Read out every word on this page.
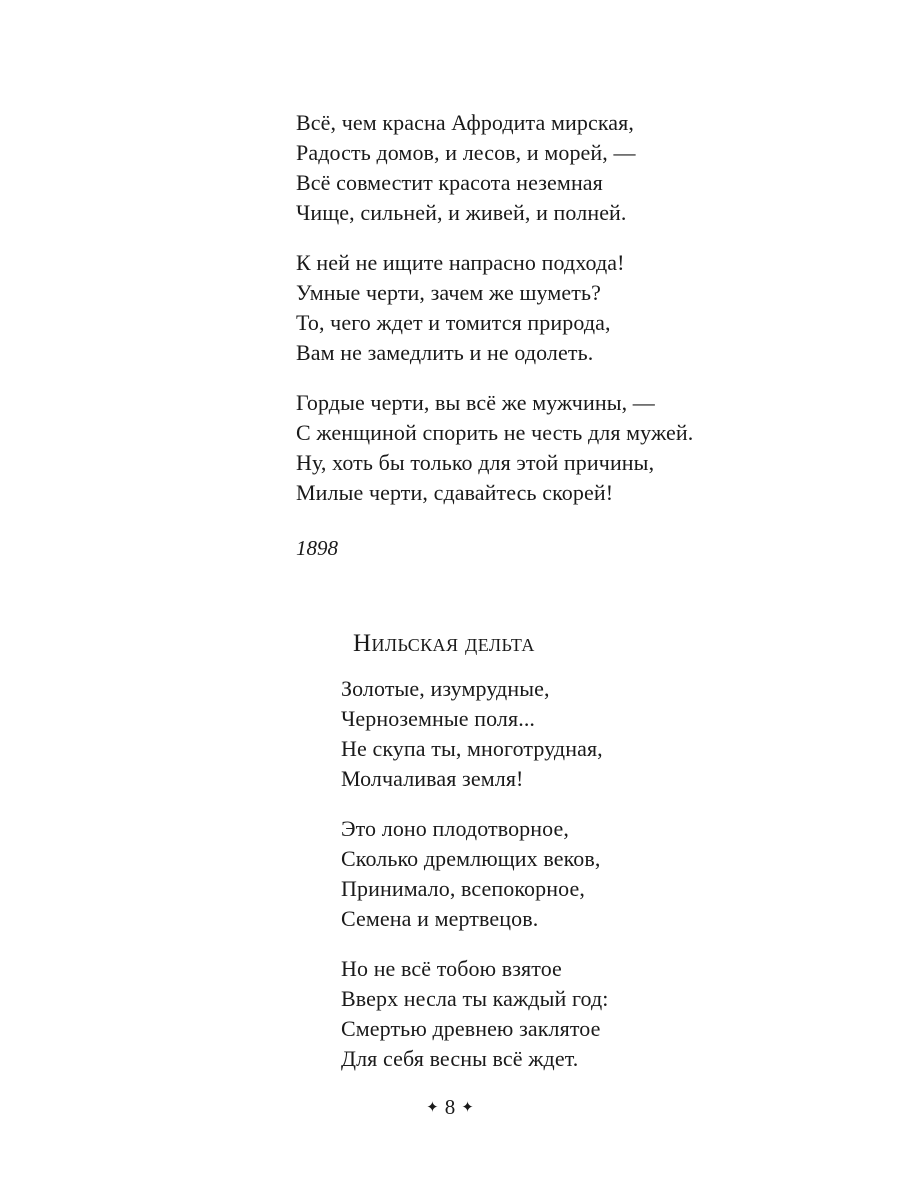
Всё, чем красна Афродита мирская,
Радость домов, и лесов, и морей, —
Всё совместит красота неземная
Чище, сильней, и живей, и полней.
К ней не ищите напрасно подхода!
Умные черти, зачем же шуметь?
То, чего ждет и томится природа,
Вам не замедлить и не одолеть.
Гордые черти, вы всё же мужчины, —
С женщиной спорить не честь для мужей.
Ну, хоть бы только для этой причины,
Милые черти, сдавайтесь скорей!
1898
Нильская дельта
Золотые, изумрудные,
Черноземные поля...
Не скупа ты, многотрудная,
Молчаливая земля!
Это лоно плодотворное,
Сколько дремлющих веков,
Принимало, всепокорное,
Семена и мертвецов.
Но не всё тобою взятое
Вверх несла ты каждый год:
Смертью древнею заклятое
Для себя весны всё ждет.
✦ 8 ✦
